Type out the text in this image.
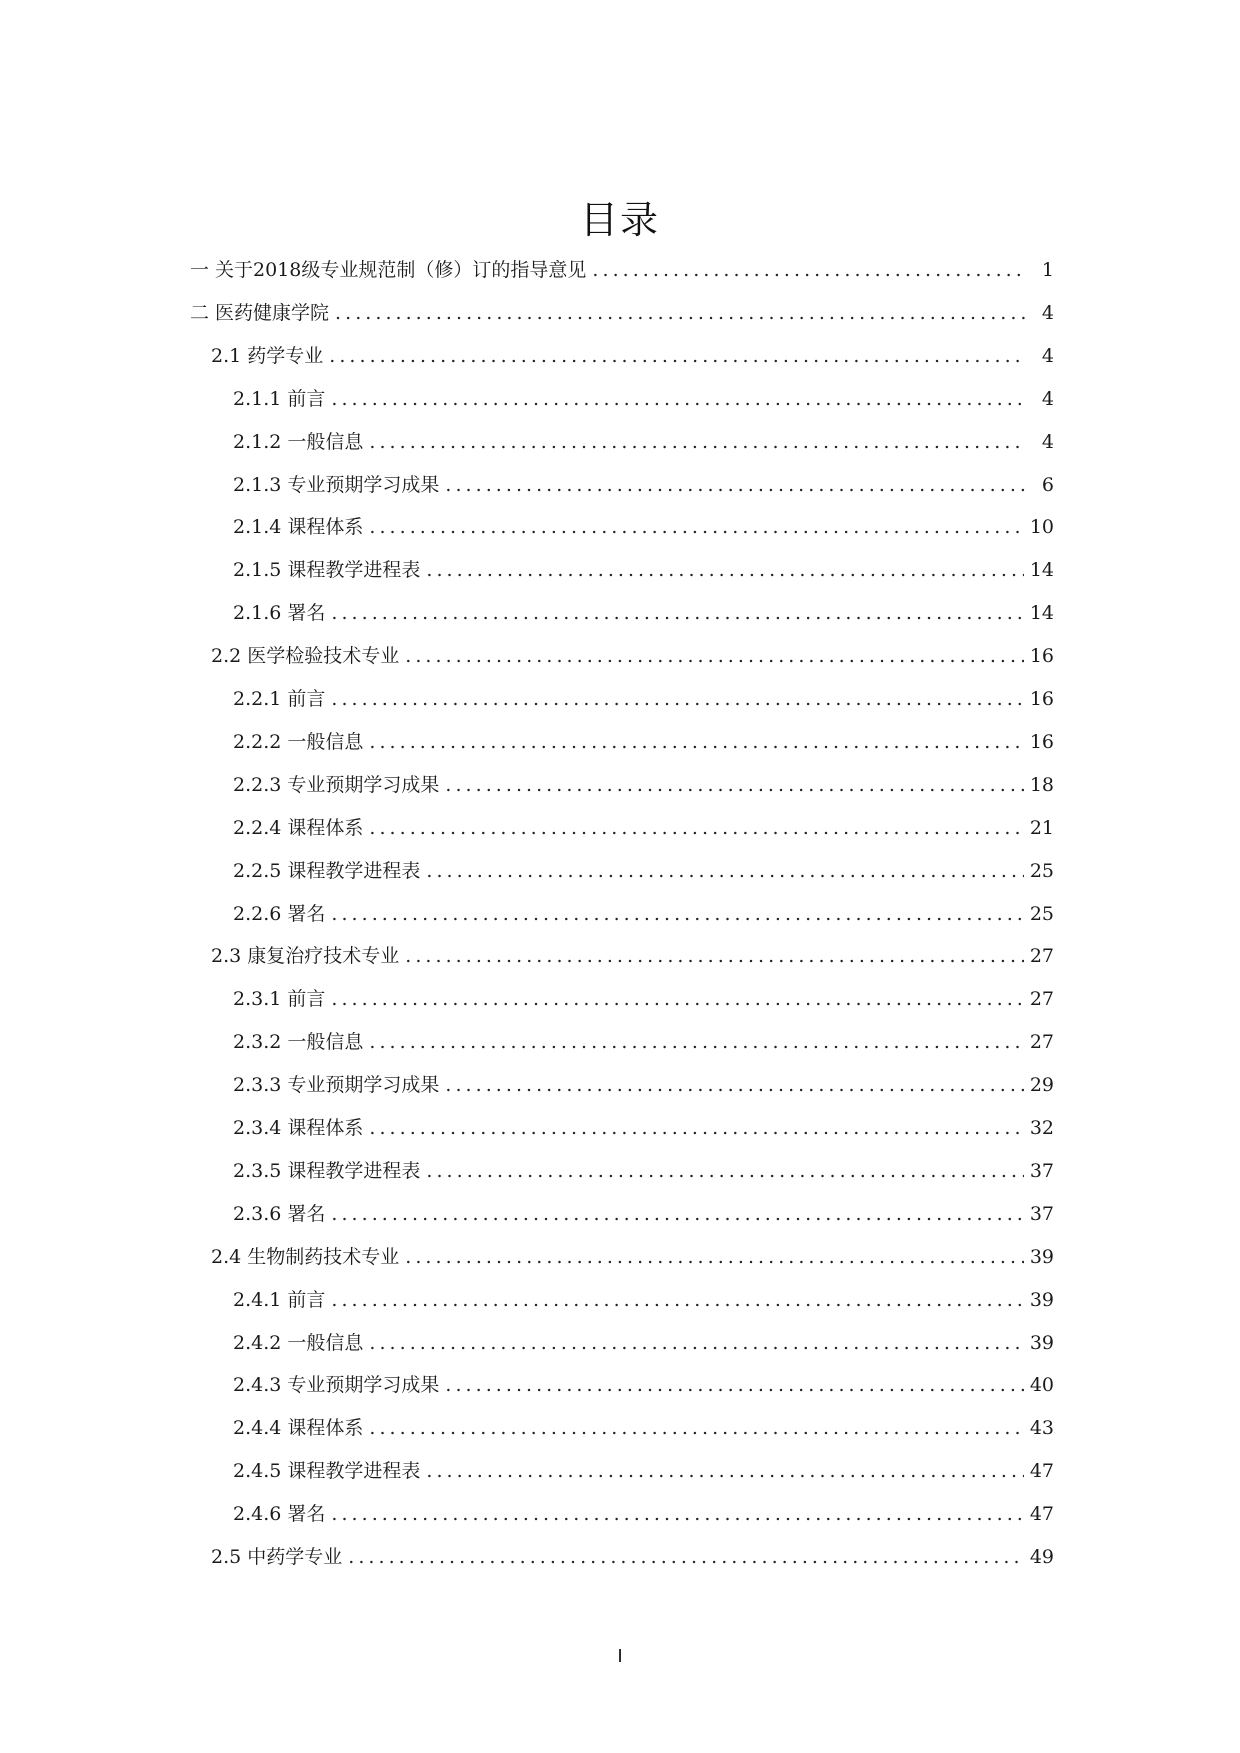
目录
一 关于2018级专业规范制（修）订的指导意见 . . .	1
二 医药健康学院 . . .	4
2.1 药学专业 . . .	4
2.1.1 前言 . . .	4
2.1.2 一般信息 . . .	4
2.1.3 专业预期学习成果 . . .	6
2.1.4 课程体系 . . .	10
2.1.5 课程教学进程表 . . .	14
2.1.6 署名 . . .	14
2.2 医学检验技术专业 . . .	16
2.2.1 前言 . . .	16
2.2.2 一般信息 . . .	16
2.2.3 专业预期学习成果 . . .	18
2.2.4 课程体系 . . .	21
2.2.5 课程教学进程表 . . .	25
2.2.6 署名 . . .	25
2.3 康复治疗技术专业 . . .	27
2.3.1 前言 . . .	27
2.3.2 一般信息 . . .	27
2.3.3 专业预期学习成果 . . .	29
2.3.4 课程体系 . . .	32
2.3.5 课程教学进程表 . . .	37
2.3.6 署名 . . .	37
2.4 生物制药技术专业 . . .	39
2.4.1 前言 . . .	39
2.4.2 一般信息 . . .	39
2.4.3 专业预期学习成果 . . .	40
2.4.4 课程体系 . . .	43
2.4.5 课程教学进程表 . . .	47
2.4.6 署名 . . .	47
2.5 中药学专业 . . .	49
I
